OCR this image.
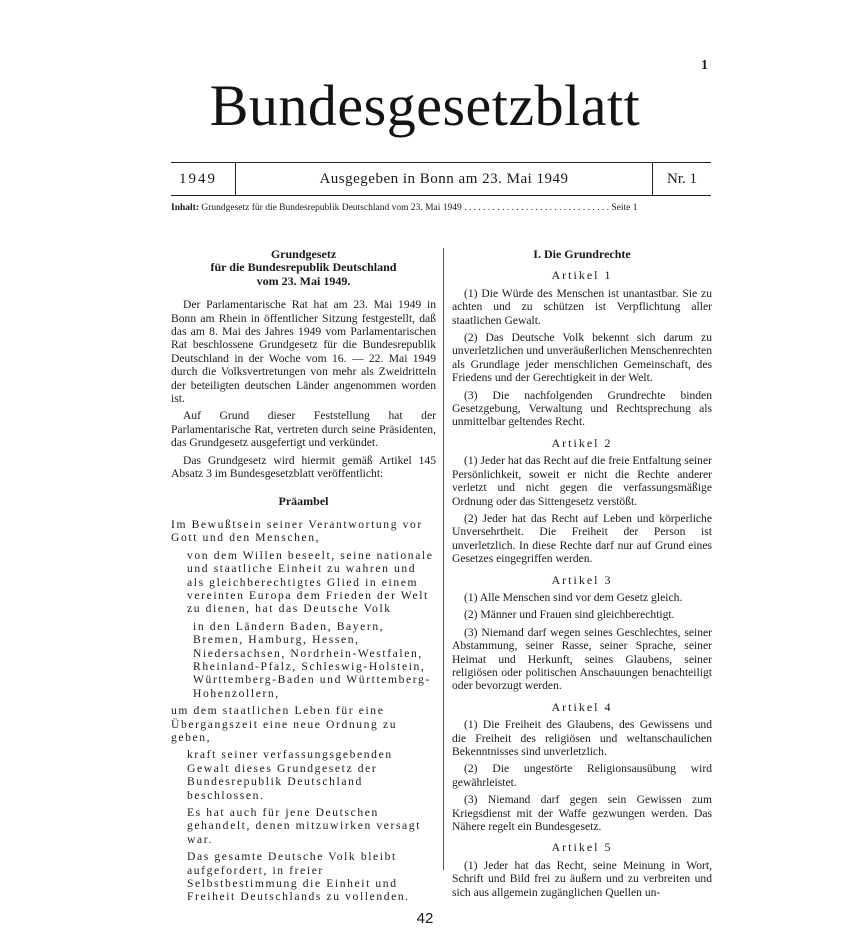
1
Bundesgesetzblatt
1949	Ausgegeben in Bonn am 23. Mai 1949	Nr. 1
Inhalt: Grundgesetz für die Bundesrepublik Deutschland vom 23. Mai 1949 . . . . . . . . . . . . . . . . . . . . . . . . . . . . . . . Seite 1
Grundgesetz
für die Bundesrepublik Deutschland
vom 23. Mai 1949.

Der Parlamentarische Rat hat am 23. Mai 1949 in Bonn am Rhein in öffentlicher Sitzung festgestellt, daß das am 8. Mai des Jahres 1949 vom Parlamentarischen Rat beschlossene Grundgesetz für die Bundesrepublik Deutschland in der Woche vom 16. — 22. Mai 1949 durch die Volksvertretungen von mehr als Zweidritteln der beteiligten deutschen Länder angenommen worden ist.

Auf Grund dieser Feststellung hat der Parlamentarische Rat, vertreten durch seine Präsidenten, das Grundgesetz ausgefertigt und verkündet.

Das Grundgesetz wird hiermit gemäß Artikel 145 Absatz 3 im Bundesgesetzblatt veröffentlicht:

Präambel

Im Bewußtsein seiner Verantwortung vor Gott und den Menschen,

von dem Willen beseelt, seine nationale und staatliche Einheit zu wahren und als gleichberechtigtes Glied in einem vereinten Europa dem Frieden der Welt zu dienen, hat das Deutsche Volk

in den Ländern Baden, Bayern, Bremen, Hamburg, Hessen, Niedersachsen, Nordrhein-Westfalen, Rheinland-Pfalz, Schleswig-Holstein, Württemberg-Baden und Württemberg-Hohenzollern,

um dem staatlichen Leben für eine Übergangszeit eine neue Ordnung zu geben,

kraft seiner verfassungsgebenden Gewalt dieses Grundgesetz der Bundesrepublik Deutschland beschlossen.

Es hat auch für jene Deutschen gehandelt, denen mitzuwirken versagt war.

Das gesamte Deutsche Volk bleibt aufgefordert, in freier Selbstbestimmung die Einheit und Freiheit Deutschlands zu vollenden.

I. Die Grundrechte
Artikel 1

(1) Die Würde des Menschen ist unantastbar. Sie zu achten und zu schützen ist Verpflichtung aller staatlichen Gewalt.

(2) Das Deutsche Volk bekennt sich darum zu unverletzlichen und unveräußerlichen Menschenrechten als Grundlage jeder menschlichen Gemeinschaft, des Friedens und der Gerechtigkeit in der Welt.

(3) Die nachfolgenden Grundrechte binden Gesetzgebung, Verwaltung und Rechtsprechung als unmittelbar geltendes Recht.

Artikel 2

(1) Jeder hat das Recht auf die freie Entfaltung seiner Persönlichkeit, soweit er nicht die Rechte anderer verletzt und nicht gegen die verfassungsmäßige Ordnung oder das Sittengesetz verstößt.

(2) Jeder hat das Recht auf Leben und körperliche Unversehrtheit. Die Freiheit der Person ist unverletzlich. In diese Rechte darf nur auf Grund eines Gesetzes eingegriffen werden.

Artikel 3

(1) Alle Menschen sind vor dem Gesetz gleich.

(2) Männer und Frauen sind gleichberechtigt.

(3) Niemand darf wegen seines Geschlechtes, seiner Abstammung, seiner Rasse, seiner Sprache, seiner Heimat und Herkunft, seines Glaubens, seiner religiösen oder politischen Anschauungen benachteiligt oder bevorzugt werden.

Artikel 4

(1) Die Freiheit des Glaubens, des Gewissens und die Freiheit des religiösen und weltanschaulichen Bekenntnisses sind unverletzlich.

(2) Die ungestörte Religionsausübung wird gewährleistet.

(3) Niemand darf gegen sein Gewissen zum Kriegsdienst mit der Waffe gezwungen werden. Das Nähere regelt ein Bundesgesetz.

Artikel 5

(1) Jeder hat das Recht, seine Meinung in Wort, Schrift und Bild frei zu äußern und zu verbreiten und sich aus allgemein zugänglichen Quellen un-

42
